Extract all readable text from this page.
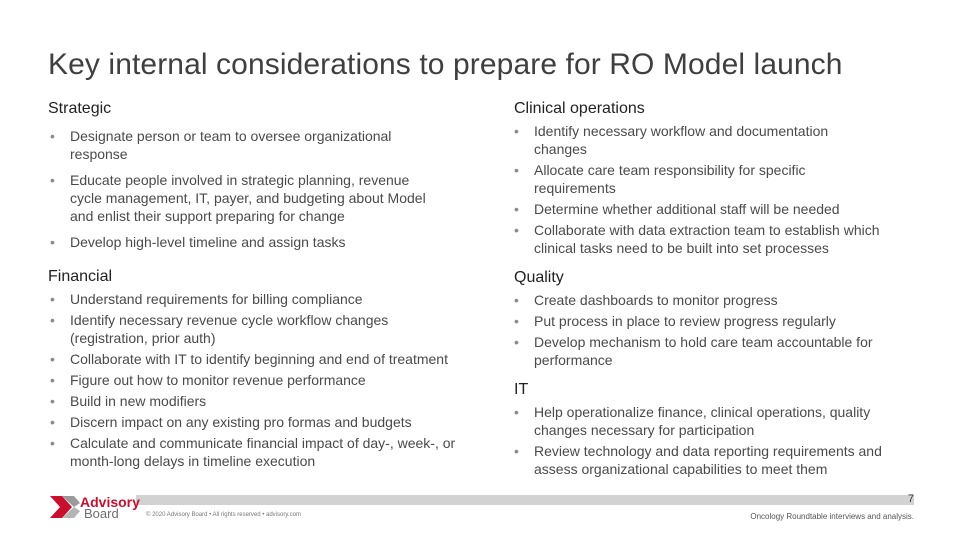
Key internal considerations to prepare for RO Model launch
Strategic
• Designate person or team to oversee organizational response
• Educate people involved in strategic planning, revenue cycle management, IT, payer, and budgeting about Model and enlist their support preparing for change
• Develop high-level timeline and assign tasks
Financial
• Understand requirements for billing compliance
• Identify necessary revenue cycle workflow changes (registration, prior auth)
• Collaborate with IT to identify beginning and end of treatment
• Figure out how to monitor revenue performance
• Build in new modifiers
• Discern impact on any existing pro formas and budgets
• Calculate and communicate financial impact of day-, week-, or month-long delays in timeline execution
Clinical operations
• Identify necessary workflow and documentation changes
• Allocate care team responsibility for specific requirements
• Determine whether additional staff will be needed
• Collaborate with data extraction team to establish which clinical tasks need to be built into set processes
Quality
• Create dashboards to monitor progress
• Put process in place to review progress regularly
• Develop mechanism to hold care team accountable for performance
IT
• Help operationalize finance, clinical operations, quality changes necessary for participation
• Review technology and data reporting requirements and assess organizational capabilities to meet them
7
Advisory
Board	© 2020 Advisory Board • All rights reserved • advisory.com	Oncology Roundtable interviews and analysis.
